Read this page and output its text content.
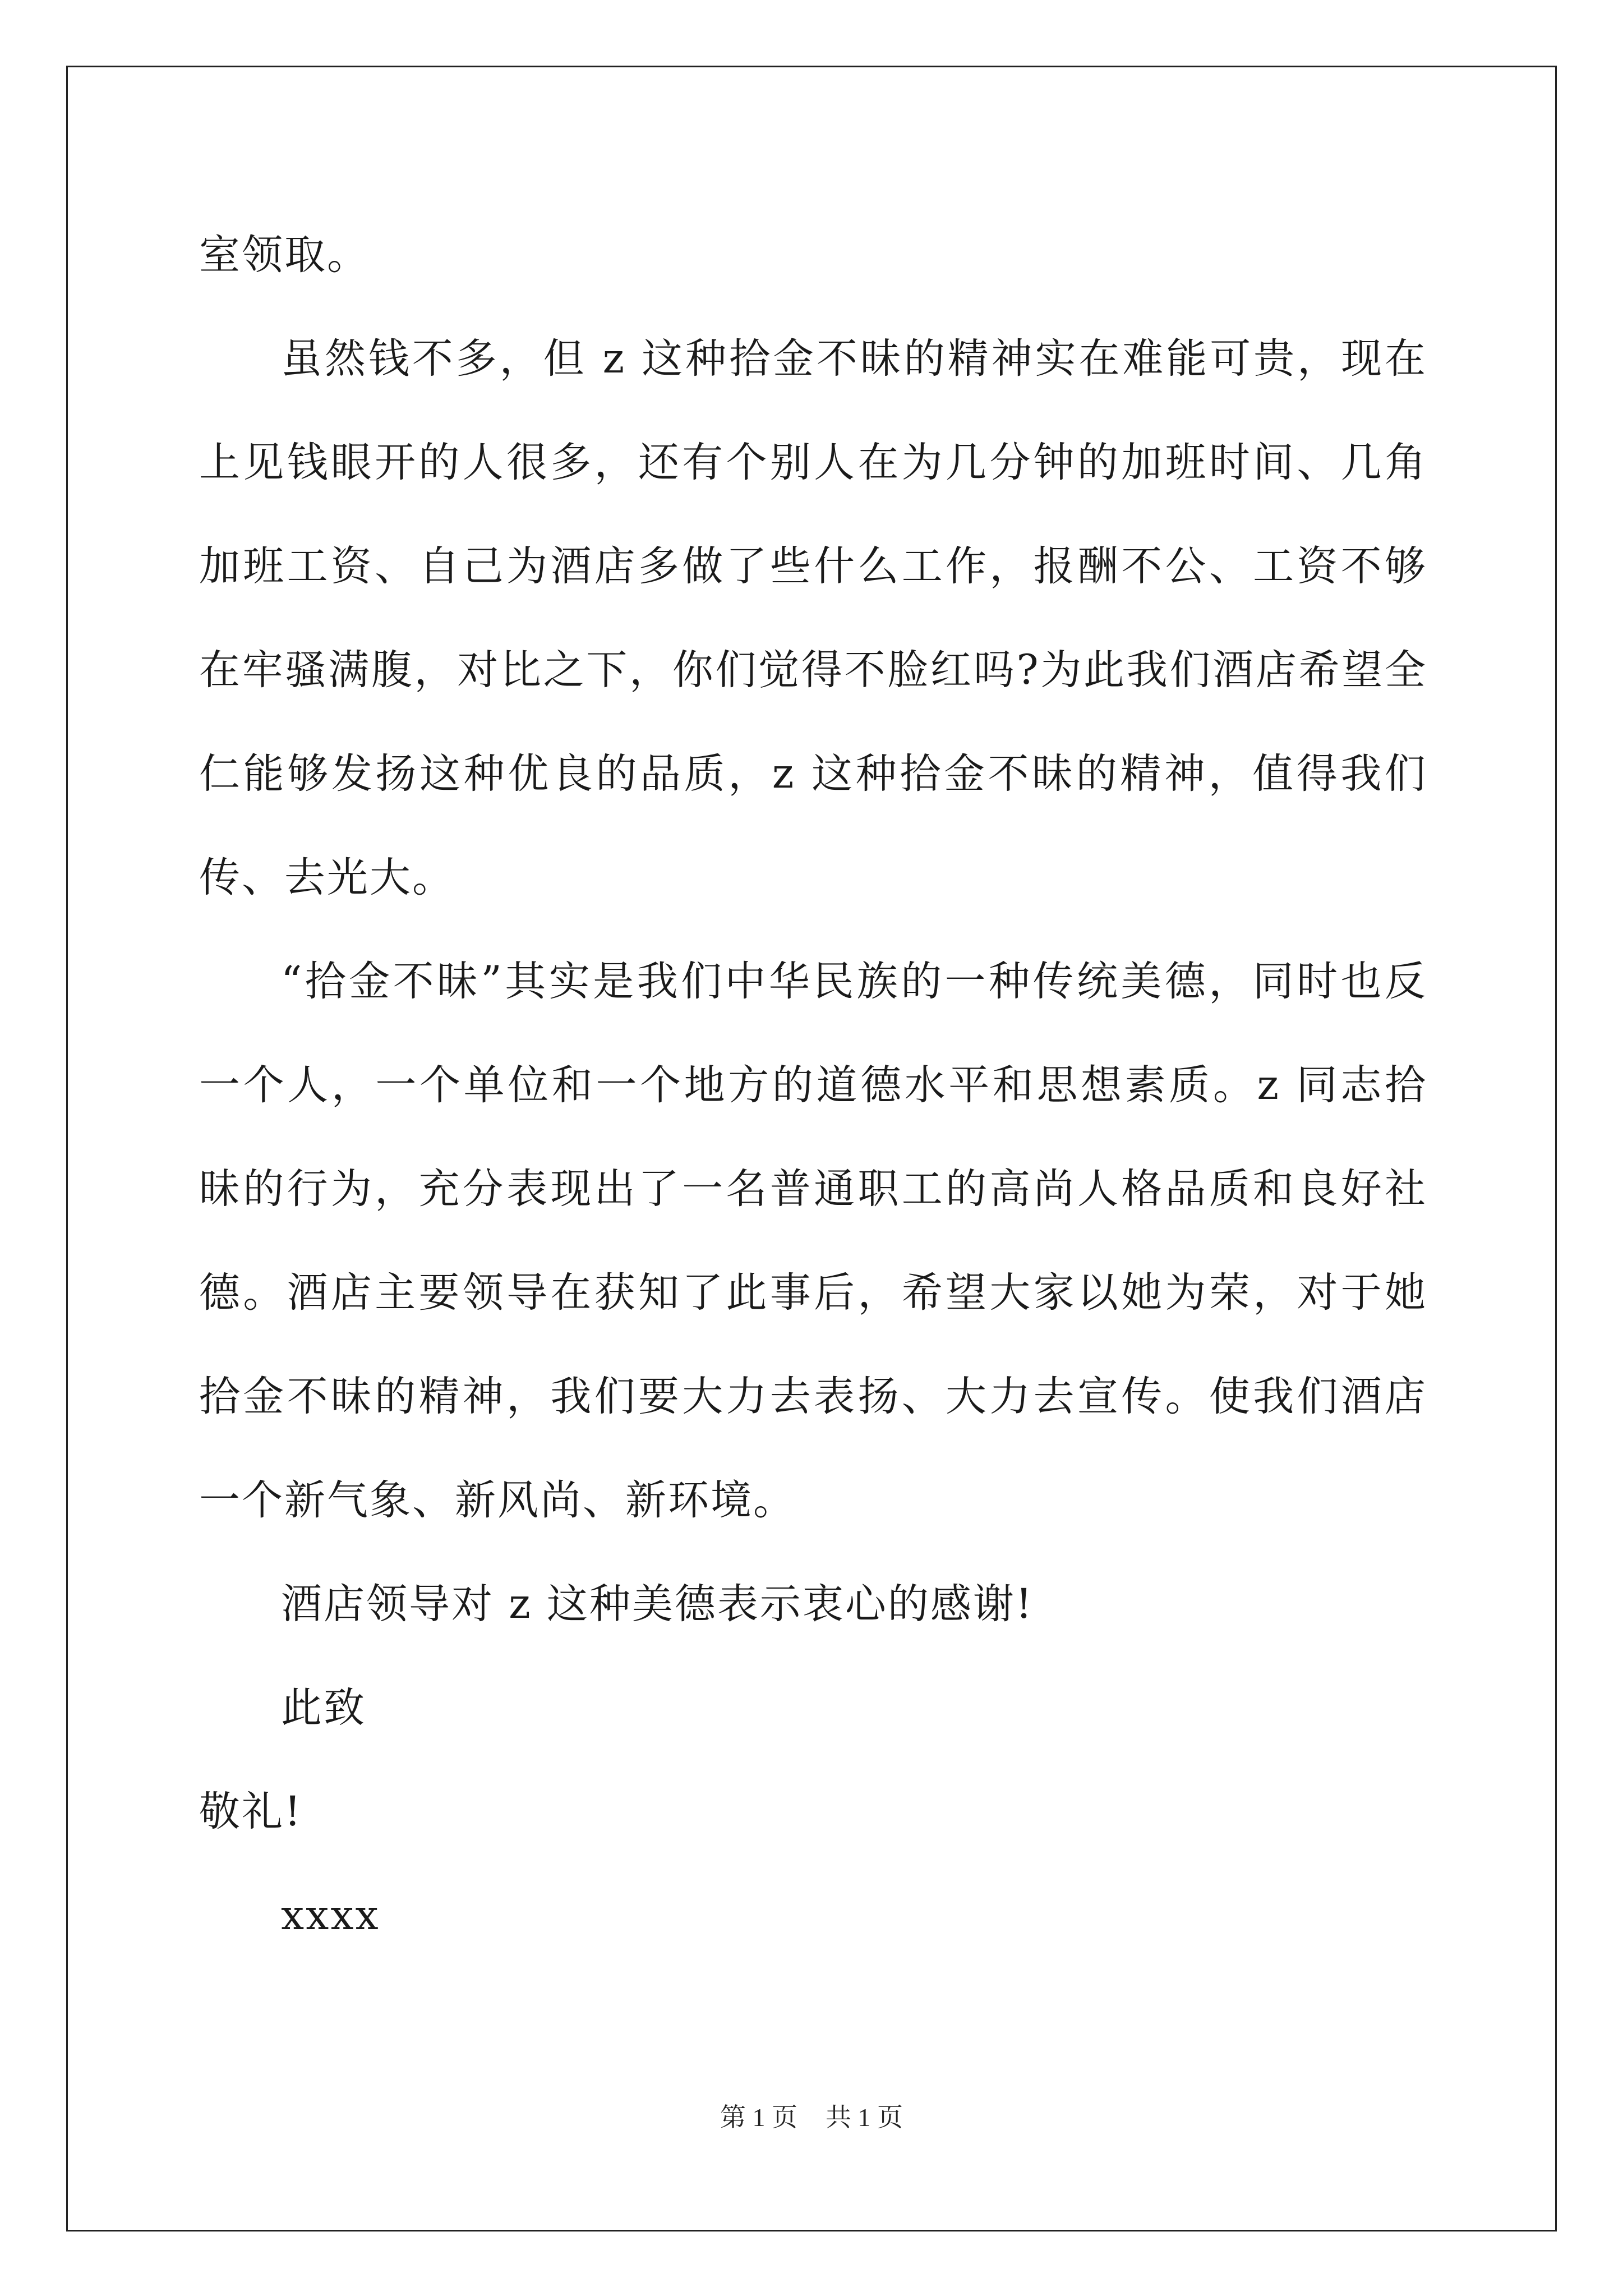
室领取。
虽然钱不多，但 z 这种拾金不昧的精神实在难能可贵，现在
上见钱眼开的人很多，还有个别人在为几分钟的加班时间、几角
加班工资、自己为酒店多做了些什么工作，报酬不公、工资不够
在牢骚满腹，对比之下，你们觉得不脸红吗?为此我们酒店希望全
仁能够发扬这种优良的品质，z 这种拾金不昧的精神，值得我们
传、去光大。
“拾金不昧”其实是我们中华民族的一种传统美德，同时也反
一个人，一个单位和一个地方的道德水平和思想素质。z 同志拾
昧的行为，充分表现出了一名普通职工的高尚人格品质和良好社
德。酒店主要领导在获知了此事后，希望大家以她为荣，对于她
拾金不昧的精神，我们要大力去表扬、大力去宣传。使我们酒店
一个新气象、新风尚、新环境。
酒店领导对 z 这种美德表示衷心的感谢!
此致
敬礼!
xxxx
第 1 页 共 1 页
